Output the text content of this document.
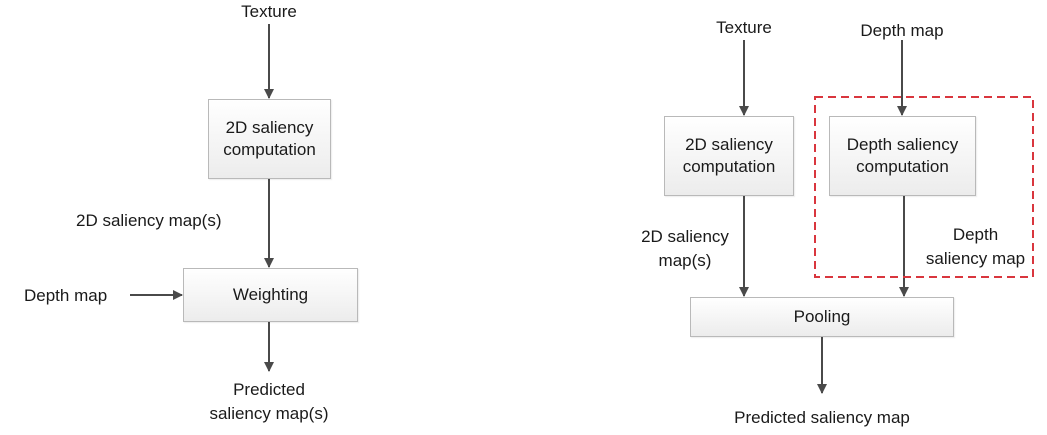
Texture
2D saliency
computation
2D saliency map(s)
Depth map	Weighting
Predicted
saliency map(s)
Texture	Depth map
2D saliency
computation
Depth saliency
computation
2D saliency
map(s)
Depth
saliency map
Pooling
Predicted saliency map
